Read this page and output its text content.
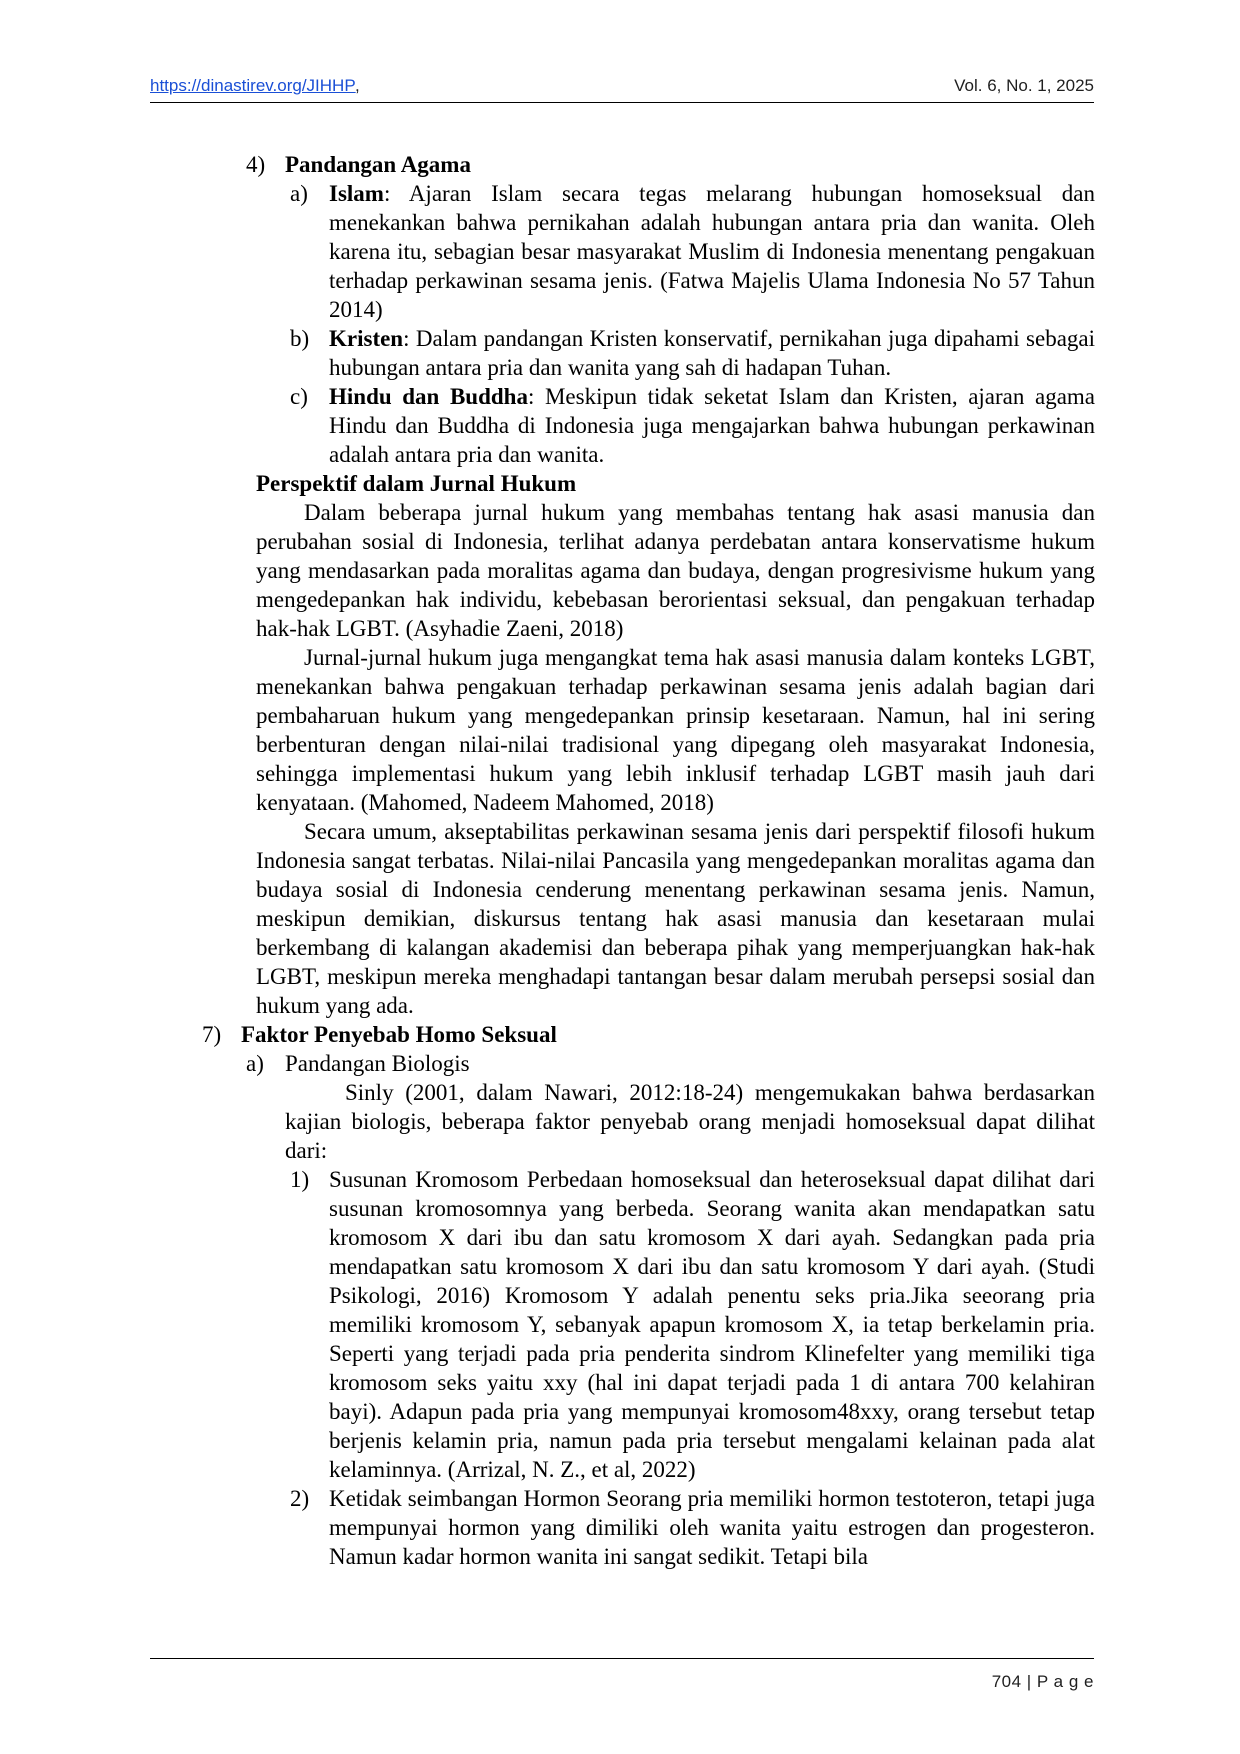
https://dinastirev.org/JIHHP ,	Vol. 6, No. 1, 2025
4) Pandangan Agama
a) Islam: Ajaran Islam secara tegas melarang hubungan homoseksual dan menekankan bahwa pernikahan adalah hubungan antara pria dan wanita. Oleh karena itu, sebagian besar masyarakat Muslim di Indonesia menentang pengakuan terhadap perkawinan sesama jenis. (Fatwa Majelis Ulama Indonesia No 57 Tahun 2014)

b) Kristen: Dalam pandangan Kristen konservatif, pernikahan juga dipahami sebagai hubungan antara pria dan wanita yang sah di hadapan Tuhan.

c) Hindu dan Buddha: Meskipun tidak seketat Islam dan Kristen, ajaran agama Hindu dan Buddha di Indonesia juga mengajarkan bahwa hubungan perkawinan adalah antara pria dan wanita.

Perspektif dalam Jurnal Hukum

Dalam beberapa jurnal hukum yang membahas tentang hak asasi manusia dan perubahan sosial di Indonesia, terlihat adanya perdebatan antara konservatisme hukum yang mendasarkan pada moralitas agama dan budaya, dengan progresivisme hukum yang mengedepankan hak individu, kebebasan berorientasi seksual, dan pengakuan terhadap hak-hak LGBT. (Asyhadie Zaeni, 2018)

Jurnal-jurnal hukum juga mengangkat tema hak asasi manusia dalam konteks LGBT, menekankan bahwa pengakuan terhadap perkawinan sesama jenis adalah bagian dari pembaharuan hukum yang mengedepankan prinsip kesetaraan. Namun, hal ini sering berbenturan dengan nilai-nilai tradisional yang dipegang oleh masyarakat Indonesia, sehingga implementasi hukum yang lebih inklusif terhadap LGBT masih jauh dari kenyataan. (Mahomed, Nadeem Mahomed, 2018)

Secara umum, akseptabilitas perkawinan sesama jenis dari perspektif filosofi hukum Indonesia sangat terbatas. Nilai-nilai Pancasila yang mengedepankan moralitas agama dan budaya sosial di Indonesia cenderung menentang perkawinan sesama jenis. Namun, meskipun demikian, diskursus tentang hak asasi manusia dan kesetaraan mulai berkembang di kalangan akademisi dan beberapa pihak yang memperjuangkan hak-hak LGBT, meskipun mereka menghadapi tantangan besar dalam merubah persepsi sosial dan hukum yang ada.

7) Faktor Penyebab Homo Seksual
a) Pandangan Biologis

Sinly (2001, dalam Nawari, 2012:18-24) mengemukakan bahwa berdasarkan kajian biologis, beberapa faktor penyebab orang menjadi homoseksual dapat dilihat dari:

1) Susunan Kromosom Perbedaan homoseksual dan heteroseksual dapat dilihat dari susunan kromosomnya yang berbeda. Seorang wanita akan mendapatkan satu kromosom X dari ibu dan satu kromosom X dari ayah. Sedangkan pada pria mendapatkan satu kromosom X dari ibu dan satu kromosom Y dari ayah. (Studi Psikologi, 2016) Kromosom Y adalah penentu seks pria.Jika seeorang pria memiliki kromosom Y, sebanyak apapun kromosom X, ia tetap berkelamin pria. Seperti yang terjadi pada pria penderita sindrom Klinefelter yang memiliki tiga kromosom seks yaitu xxy (hal ini dapat terjadi pada 1 di antara 700 kelahiran bayi). Adapun pada pria yang mempunyai kromosom48xxy, orang tersebut tetap berjenis kelamin pria, namun pada pria tersebut mengalami kelainan pada alat kelaminnya. (Arrizal, N. Z., et al, 2022)

2) Ketidak seimbangan Hormon Seorang pria memiliki hormon testoteron, tetapi juga mempunyai hormon yang dimiliki oleh wanita yaitu estrogen dan progesteron. Namun kadar hormon wanita ini sangat sedikit. Tetapi bila

704 | P a g e
